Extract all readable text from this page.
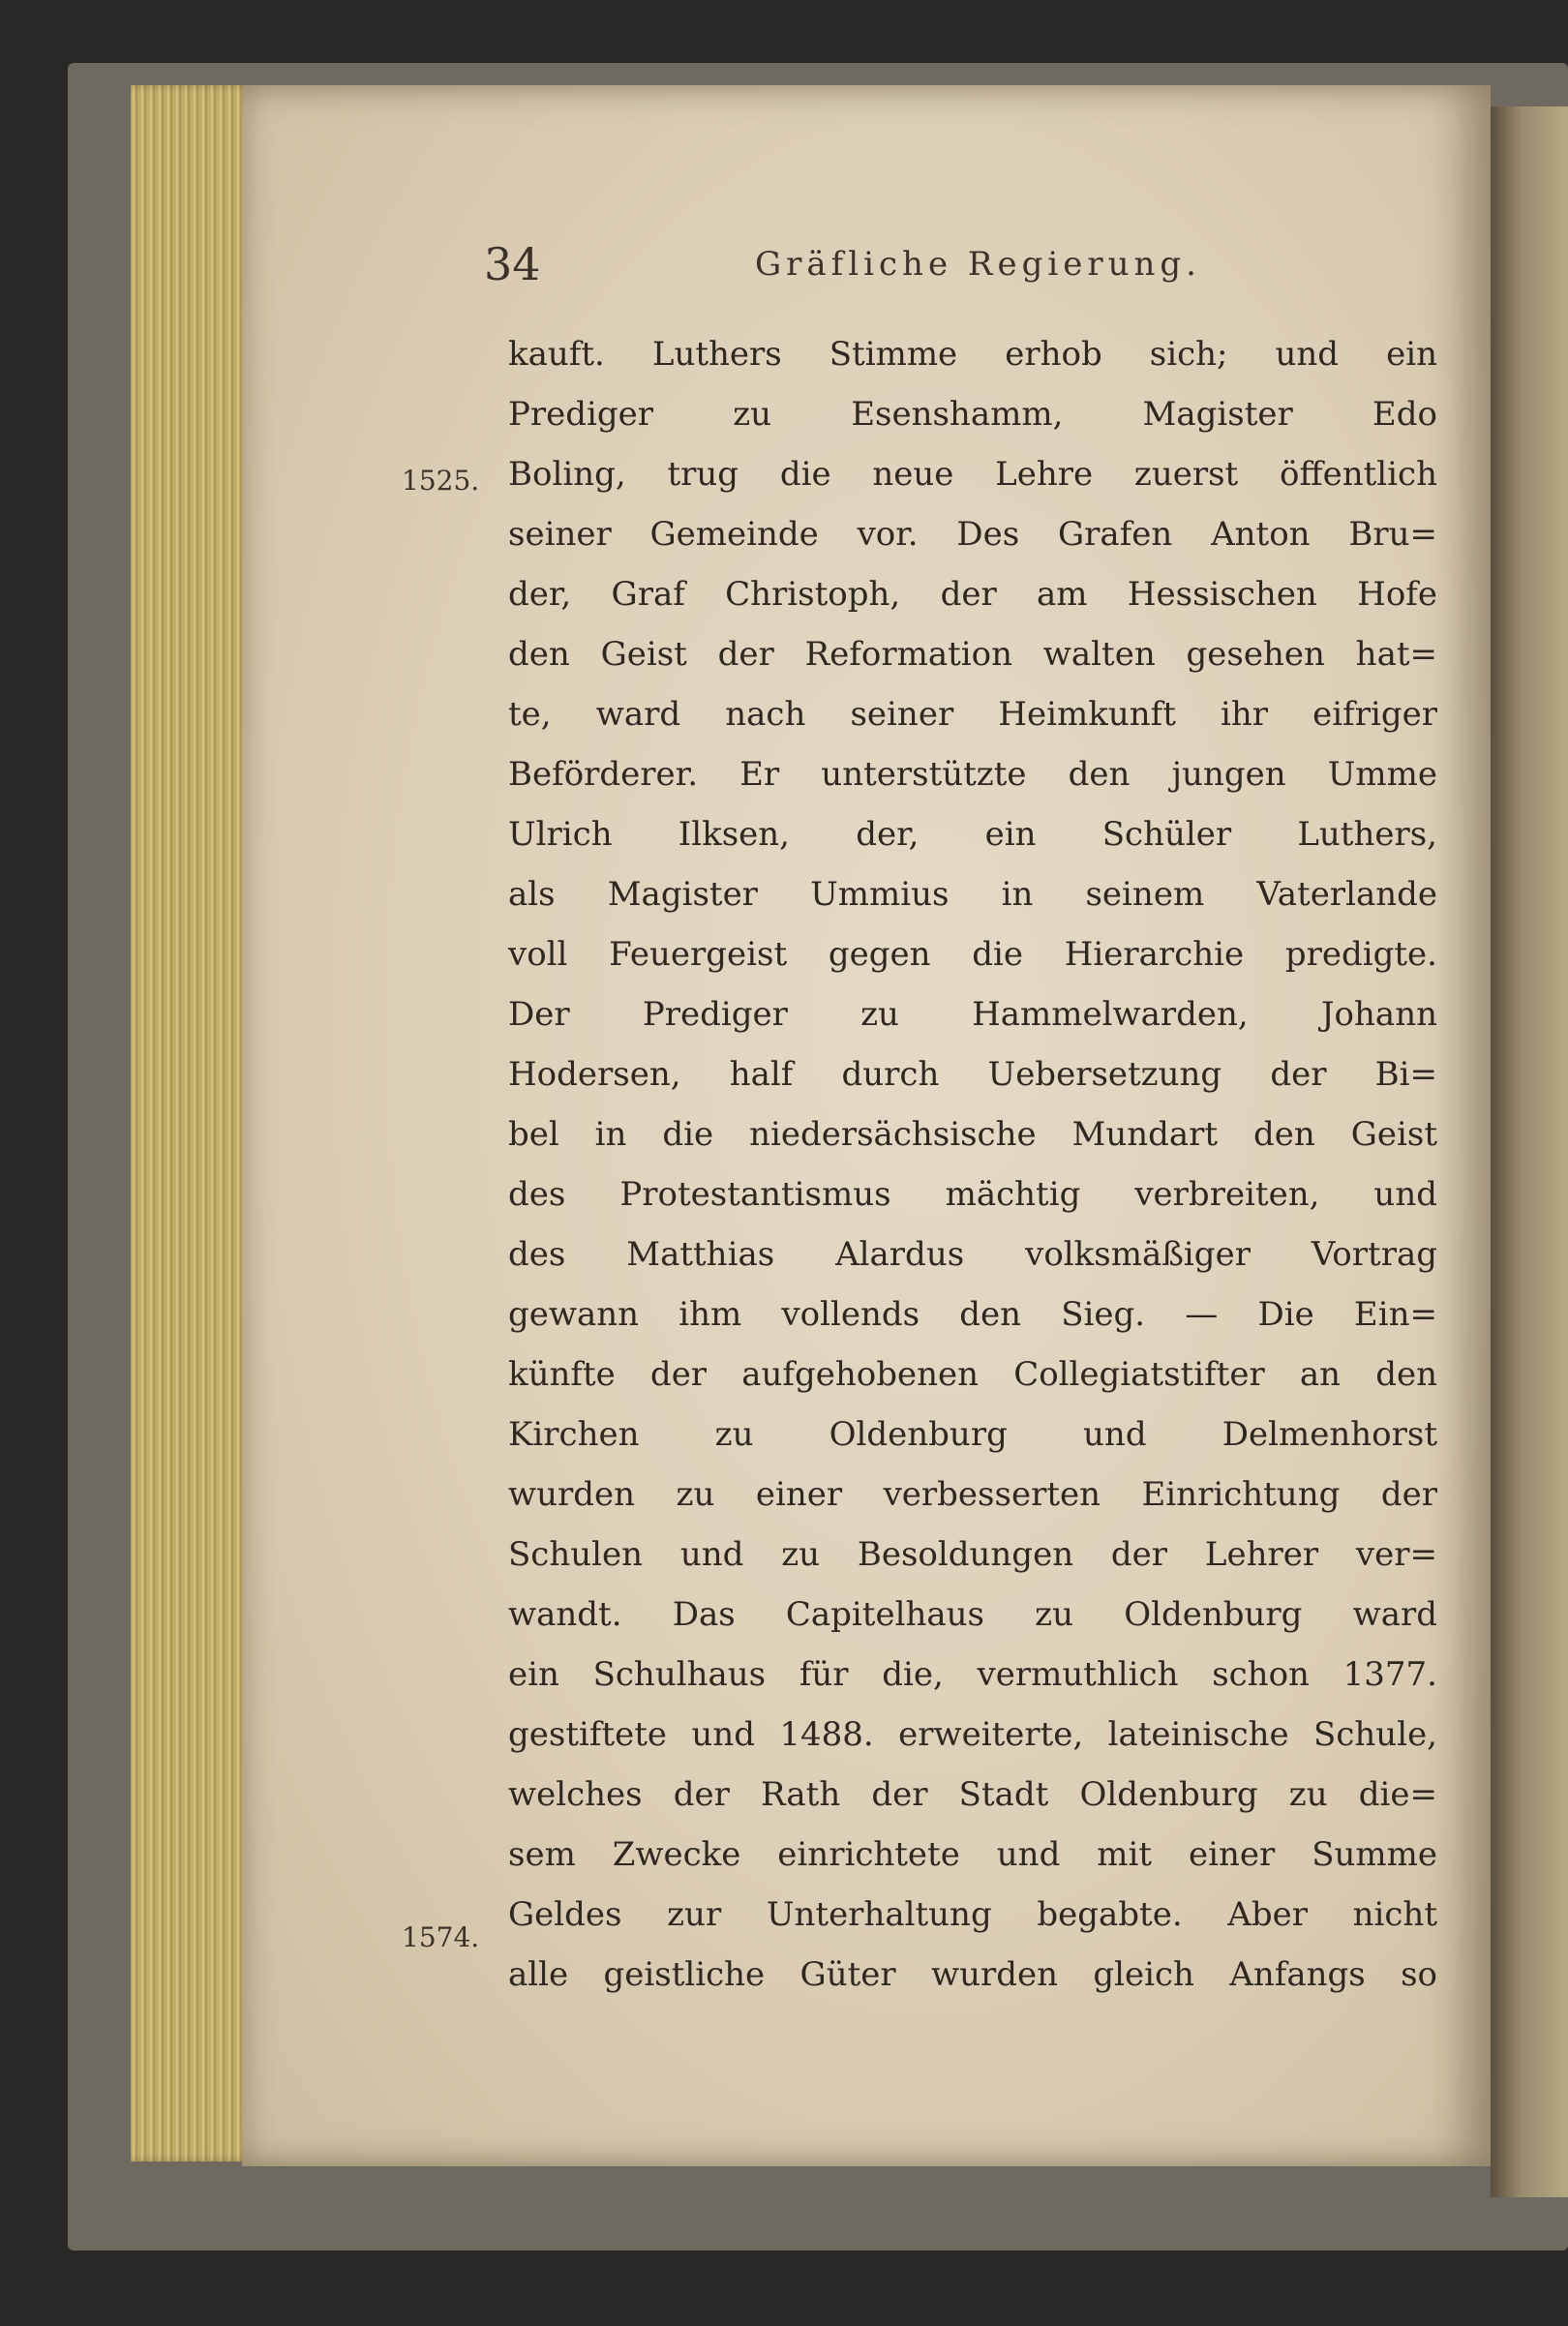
34	Gräfliche Regierung.
1525.
1574.
kauft. Luthers Stimme erhob sich; und ein
Prediger zu Esenshamm, Magister Edo
Boling, trug die neue Lehre zuerst öffentlich
seiner Gemeinde vor. Des Grafen Anton Bru=
der, Graf Christoph, der am Hessischen Hofe
den Geist der Reformation walten gesehen hat=
te, ward nach seiner Heimkunft ihr eifriger
Beförderer. Er unterstützte den jungen Umme
Ulrich Ilksen, der, ein Schüler Luthers,
als Magister Ummius in seinem Vaterlande
voll Feuergeist gegen die Hierarchie predigte.
Der Prediger zu Hammelwarden, Johann
Hodersen, half durch Uebersetzung der Bi=
bel in die niedersächsische Mundart den Geist
des Protestantismus mächtig verbreiten, und
des Matthias Alardus volksmäßiger Vortrag
gewann ihm vollends den Sieg. — Die Ein=
künfte der aufgehobenen Collegiatstifter an den
Kirchen zu Oldenburg und Delmenhorst
wurden zu einer verbesserten Einrichtung der
Schulen und zu Besoldungen der Lehrer ver=
wandt. Das Capitelhaus zu Oldenburg ward
ein Schulhaus für die, vermuthlich schon 1377.
gestiftete und 1488. erweiterte, lateinische Schule,
welches der Rath der Stadt Oldenburg zu die=
sem Zwecke einrichtete und mit einer Summe
Geldes zur Unterhaltung begabte. Aber nicht
alle geistliche Güter wurden gleich Anfangs so
